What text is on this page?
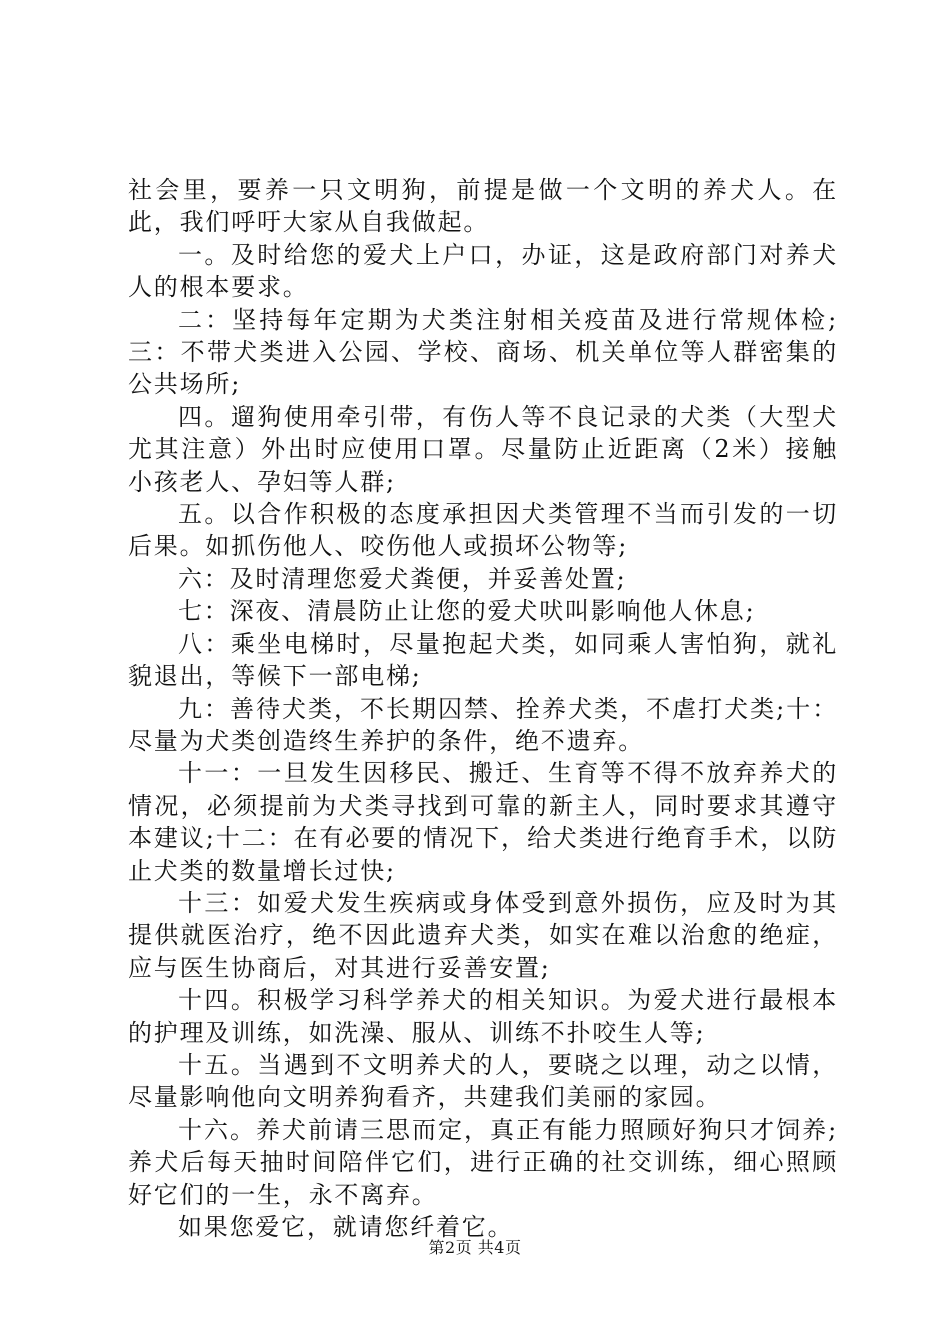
社会里，要养一只文明狗，前提是做一个文明的养犬人。在此，我们呼吁大家从自我做起。

一。及时给您的爱犬上户口，办证，这是政府部门对养犬人的根本要求。

二：坚持每年定期为犬类注射相关疫苗及进行常规体检;三：不带犬类进入公园、学校、商场、机关单位等人群密集的公共场所;

四。遛狗使用牵引带，有伤人等不良记录的犬类（大型犬尤其注意）外出时应使用口罩。尽量防止近距离（2米）接触小孩老人、孕妇等人群;

五。以合作积极的态度承担因犬类管理不当而引发的一切后果。如抓伤他人、咬伤他人或损坏公物等;

六：及时清理您爱犬粪便，并妥善处置;

七：深夜、清晨防止让您的爱犬吠叫影响他人休息;

八：乘坐电梯时，尽量抱起犬类，如同乘人害怕狗，就礼貌退出，等候下一部电梯;

九：善待犬类，不长期囚禁、拴养犬类，不虐打犬类;十：尽量为犬类创造终生养护的条件，绝不遗弃。

十一：一旦发生因移民、搬迁、生育等不得不放弃养犬的情况，必须提前为犬类寻找到可靠的新主人，同时要求其遵守本建议;十二：在有必要的情况下，给犬类进行绝育手术，以防止犬类的数量增长过快;

十三：如爱犬发生疾病或身体受到意外损伤，应及时为其提供就医治疗，绝不因此遗弃犬类，如实在难以治愈的绝症，应与医生协商后，对其进行妥善安置;

十四。积极学习科学养犬的相关知识。为爱犬进行最根本的护理及训练，如洗澡、服从、训练不扑咬生人等;

十五。当遇到不文明养犬的人，要晓之以理，动之以情，尽量影响他向文明养狗看齐，共建我们美丽的家园。

十六。养犬前请三思而定，真正有能力照顾好狗只才饲养;养犬后每天抽时间陪伴它们，进行正确的社交训练，细心照顾好它们的一生，永不离弃。

如果您爱它，就请您纤着它。

第2页 共4页
